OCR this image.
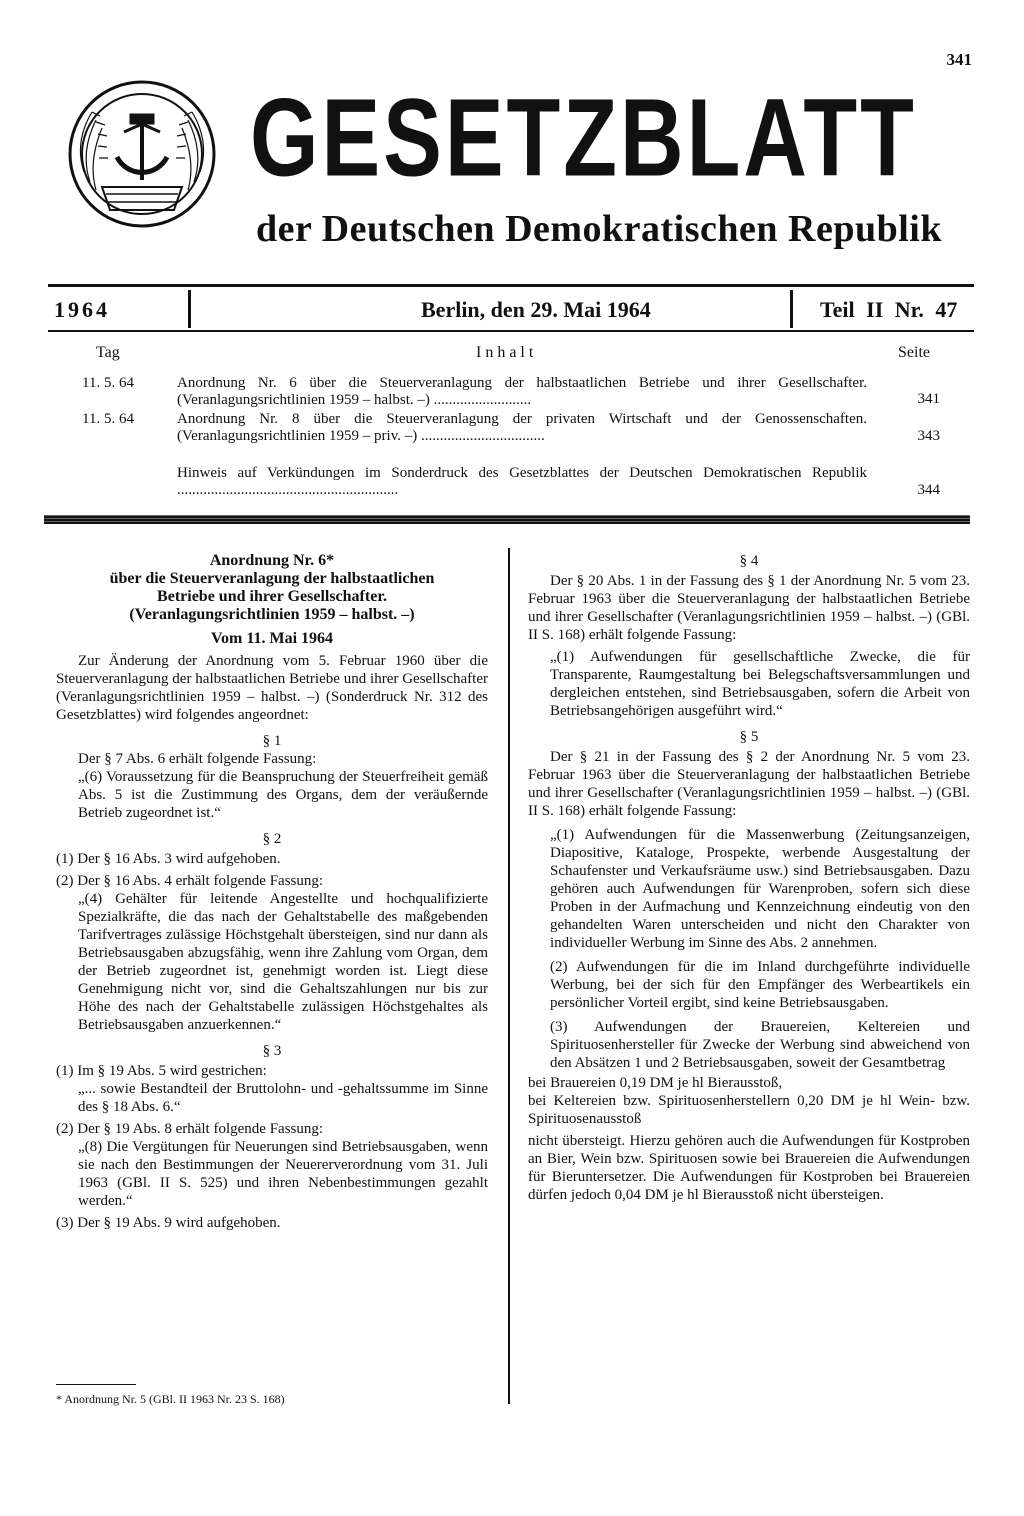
341
GESETZBLATT
der Deutschen Demokratischen Republik
1964	Berlin, den 29. Mai 1964	Teil II Nr. 47
Tag	Inhalt	Seite
11. 5. 64	Anordnung Nr. 6 über die Steuerveranlagung der halbstaatlichen Betriebe und ihrer Gesellschafter. (Veranlagungsrichtlinien 1959 – halbst. –) ..........................	341
11. 5. 64	Anordnung Nr. 8 über die Steuerveranlagung der privaten Wirtschaft und der Genossenschaften. (Veranlagungsrichtlinien 1959 – priv. –) .................................	343
Hinweis auf Verkündungen im Sonderdruck des Gesetzblattes der Deutschen Demokratischen Republik ...........................................................	344
Anordnung Nr. 6*
über die Steuerveranlagung der halbstaatlichen
Betriebe und ihrer Gesellschafter.
(Veranlagungsrichtlinien 1959 – halbst. –)
Vom 11. Mai 1964

Zur Änderung der Anordnung vom 5. Februar 1960 über die Steuerveranlagung der halbstaatlichen Betriebe und ihrer Gesellschafter (Veranlagungsrichtlinien 1959 – halbst. –) (Sonderdruck Nr. 312 des Gesetzblattes) wird folgendes angeordnet:

§ 1

Der § 7 Abs. 6 erhält folgende Fassung:

„(6) Voraussetzung für die Beanspruchung der Steuerfreiheit gemäß Abs. 5 ist die Zustimmung des Organs, dem der veräußernde Betrieb zugeordnet ist.“

§ 2

(1) Der § 16 Abs. 3 wird aufgehoben.

(2) Der § 16 Abs. 4 erhält folgende Fassung:

„(4) Gehälter für leitende Angestellte und hochqualifizierte Spezialkräfte, die das nach der Gehaltstabelle des maßgebenden Tarifvertrages zulässige Höchstgehalt übersteigen, sind nur dann als Betriebsausgaben abzugsfähig, wenn ihre Zahlung vom Organ, dem der Betrieb zugeordnet ist, genehmigt worden ist. Liegt diese Genehmigung nicht vor, sind die Gehaltszahlungen nur bis zur Höhe des nach der Gehaltstabelle zulässigen Höchstgehaltes als Betriebsausgaben anzuerkennen.“

§ 3

(1) Im § 19 Abs. 5 wird gestrichen:

„... sowie Bestandteil der Bruttolohn- und -gehaltssumme im Sinne des § 18 Abs. 6.“

(2) Der § 19 Abs. 8 erhält folgende Fassung:

„(8) Die Vergütungen für Neuerungen sind Betriebsausgaben, wenn sie nach den Bestimmungen der Neuererverordnung vom 31. Juli 1963 (GBl. II S. 525) und ihren Nebenbestimmungen gezahlt werden.“

(3) Der § 19 Abs. 9 wird aufgehoben.

* Anordnung Nr. 5 (GBl. II 1963 Nr. 23 S. 168)
§ 4

Der § 20 Abs. 1 in der Fassung des § 1 der Anordnung Nr. 5 vom 23. Februar 1963 über die Steuerveranlagung der halbstaatlichen Betriebe und ihrer Gesellschafter (Veranlagungsrichtlinien 1959 – halbst. –) (GBl. II S. 168) erhält folgende Fassung:

„(1) Aufwendungen für gesellschaftliche Zwecke, die für Transparente, Raumgestaltung bei Belegschaftsversammlungen und dergleichen entstehen, sind Betriebsausgaben, sofern die Arbeit von Betriebsangehörigen ausgeführt wird.“

§ 5

Der § 21 in der Fassung des § 2 der Anordnung Nr. 5 vom 23. Februar 1963 über die Steuerveranlagung der halbstaatlichen Betriebe und ihrer Gesellschafter (Veranlagungsrichtlinien 1959 – halbst. –) (GBl. II S. 168) erhält folgende Fassung:

„(1) Aufwendungen für die Massenwerbung (Zeitungsanzeigen, Diapositive, Kataloge, Prospekte, werbende Ausgestaltung der Schaufenster und Verkaufsräume usw.) sind Betriebsausgaben. Dazu gehören auch Aufwendungen für Warenproben, sofern sich diese Proben in der Aufmachung und Kennzeichnung eindeutig von den gehandelten Waren unterscheiden und nicht den Charakter von individueller Werbung im Sinne des Abs. 2 annehmen.

(2) Aufwendungen für die im Inland durchgeführte individuelle Werbung, bei der sich für den Empfänger des Werbeartikels ein persönlicher Vorteil ergibt, sind keine Betriebsausgaben.

(3) Aufwendungen der Brauereien, Keltereien und Spirituosenhersteller für Zwecke der Werbung sind abweichend von den Absätzen 1 und 2 Betriebsausgaben, soweit der Gesamtbetrag

bei Brauereien 0,19 DM je hl Bierausstoß,

bei Keltereien bzw. Spirituosenherstellern 0,20 DM je hl Wein- bzw. Spirituosenausstoß

nicht übersteigt. Hierzu gehören auch die Aufwendungen für Kostproben an Bier, Wein bzw. Spirituosen sowie bei Brauereien die Aufwendungen für Bieruntersetzer. Die Aufwendungen für Kostproben bei Brauereien dürfen jedoch 0,04 DM je hl Bierausstoß nicht übersteigen.
